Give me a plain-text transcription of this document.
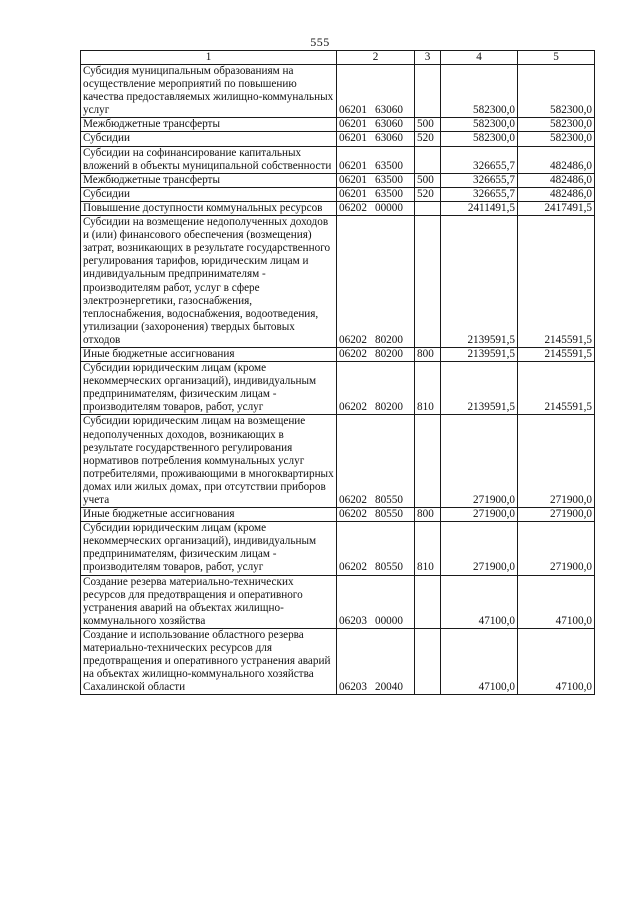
555
1	2	3	4	5
Субсидия муниципальным образованиям на осуществление мероприятий по повышению качества предоставляемых жилищно-коммунальных услуг	06201 63060		582300,0	582300,0
Межбюджетные трансферты	06201 63060	500	582300,0	582300,0
Субсидии	06201 63060	520	582300,0	582300,0
Субсидии на софинансирование капитальных вложений в объекты муниципальной собственности	06201 63500		326655,7	482486,0
Межбюджетные трансферты	06201 63500	500	326655,7	482486,0
Субсидии	06201 63500	520	326655,7	482486,0
Повышение доступности коммунальных ресурсов	06202 00000		2411491,5	2417491,5
Субсидии на возмещение недополученных доходов и (или) финансового обеспечения (возмещения) затрат, возникающих в результате государственного регулирования тарифов, юридическим лицам и индивидуальным предпринимателям - производителям работ, услуг в сфере электроэнергетики, газоснабжения, теплоснабжения, водоснабжения, водоотведения, утилизации (захоронения) твердых бытовых отходов	06202 80200		2139591,5	2145591,5
Иные бюджетные ассигнования	06202 80200	800	2139591,5	2145591,5
Субсидии юридическим лицам (кроме некоммерческих организаций), индивидуальным предпринимателям, физическим лицам - производителям товаров, работ, услуг	06202 80200	810	2139591,5	2145591,5
Субсидии юридическим лицам на возмещение недополученных доходов, возникающих в результате государственного регулирования нормативов потребления коммунальных услуг потребителями, проживающими в многоквартирных домах или жилых домах, при отсутствии приборов учета	06202 80550		271900,0	271900,0
Иные бюджетные ассигнования	06202 80550	800	271900,0	271900,0
Субсидии юридическим лицам (кроме некоммерческих организаций), индивидуальным предпринимателям, физическим лицам - производителям товаров, работ, услуг	06202 80550	810	271900,0	271900,0
Создание резерва материально-технических ресурсов для предотвращения и оперативного устранения аварий на объектах жилищно-коммунального хозяйства	06203 00000		47100,0	47100,0
Создание и использование областного резерва материально-технических ресурсов для предотвращения и оперативного устранения аварий на объектах жилищно-коммунального хозяйства Сахалинской области	06203 20040		47100,0	47100,0
